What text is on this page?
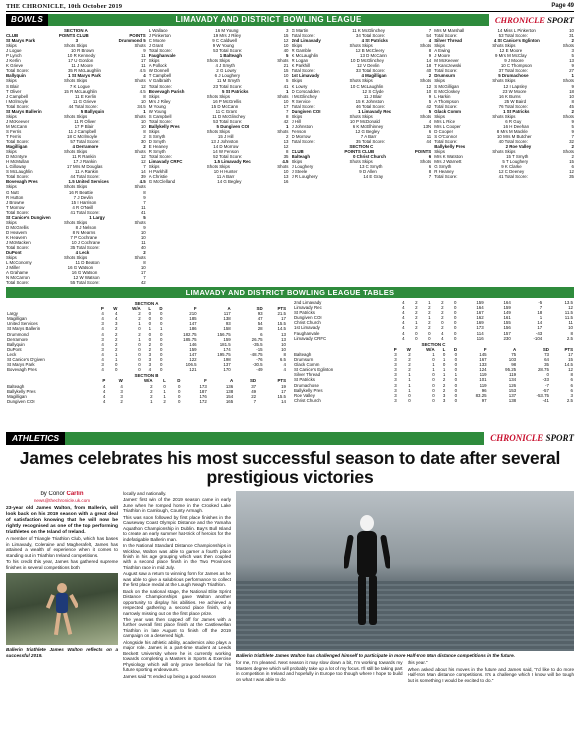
THE CHRONICLE, 10th October 2019	Page 49
BOWLS	LIMAVADY AND DISTRICT BOWLING LEAGUE	CHRONICLE SPORT
SECTION A
CLUB	POINTS CLUB	POINTS
St Marys Park	3	Drummond 5
Skips	Shots Skips	Shots
J Logue	10 R Brown	9
P Lynch	10 R Kennedy	11
J Kerlin	17 U Gordon	17
K Grieve	11 J Moore	11
Total Score:	35 R McLaughlin	4.5
Ballyquin	1 St Marys Park	4
Skips	Shots Skips	Shots
S Blair	7 K Logue	12
T Oliver	15 R McLaughlin	4.5
J Campbell	11 E Kerlin	8
I McIlmoyle	11 G Grieve	10
Total Score:	44 Total Score:	34.5
St Marys Ballerin	5 Ballyquin	1
Skips	Shots Skips	Shots
J McKeever	11 R Oliver	10
M McCann	17 P Blair	10
S Ferris	11 J Campbell	8
T Ferris	18 C McIlmoyle	2
Total Score:	57 Total Score:	30
Magilligan	4 Derramore	2
Skips	Shots Skips	Shots
D McIntyre	11 R Rankin	12
H McMullan	17 J Rankin	12
L Gilloway	17 Mrs M Douglas	7
S McLaughlin	11 A Rankin	14
Total Score:	44 Total Score:	39
Bovevagh Pres	1.5 United Services	4.5
Skips	Shots Skips	Shots
G Nutt	16 R Beattie	8
R Hutton	7 J Devlin	9
J Browne	15 I Harrison	7
T Morrow	4 R O'Neill	11
Total Score:	41 Total Score:	41
St Canice's Dungiven	1 Largy	5
Skips	Shots Skips	Shots
D McGrellis	8 J Nelson	9
D Heavern	8 N Mearns	10
K Heavern	7 P Cochrane	10
J McMacken	10 J Cochrane	11
Total Score:	35 Total Score:	40
DuPont	4 Leck	2
Skips	Shots Skips	Shots
L McConomy	11 D Beaton	8
J Miller	16 G Watson	10
A Grahame	16 G Watson	17
N McCarron	12 W Watson	7
Total Score:	55 Total Score:	42
L Wallace	16 M Young	3
J Pinkerton	19 Mrs J Riley	15
C Moore	9 C Caldwell	12
J Grant	9 W Young	10
Total Score:	53 Total Score:	40
Faughanvale	1 Balteagh	5
Skips	Shots Skips	Shots
A Pollock	4 J Smyth	21
W Donnell	2 G Lowry	15
T Campbell	6 J Loughery	10
V Galbraith	11 M Smyth	5
Total Score:	23 Total Score:	41
Bovevagh Parish	5 St Patricks	1
Skips	Shots Skips	Shots
Mrs J Riley	16 P McGrellis	10
M Young	15 D McCann	17
W Young	11 C Grant	7
S Campbell	11 D McGlinchey	8
Total Score:	53 Total Score:	42
Ballykelly Pres	5 Dungiven COI	1
Skips	Shots Skips	Shots
S Smyth	15 J Hill	2
D Smyth	13 J Johnston	13
E Heaney	14 D Morrow	12
R Smyth	14 W Fenson	8
Total Score:	52 Total Score:	35
Limavady CRFC	1.5 Limavady Rec	4.5
Skips	Shots Skips	Shots
H Parkhill	10 H Hunter	10
A Christie	11 A Barr	13
G McClelland	14 G Begley	16
G Martin	11 K McGlinchey	7
Total Score:	34 Total Score:	54
2nd Limavady	4 St Patricks	4
Skips	Shots Skips	Shots
R Gamble	12 B McCleery	8
K McLaughlin	13 D McCann	9
R Logan	10 D McGlinchey	14
K Parkhill	12 V Devlin	18
Total Score:	33 Total Score:	40
1st Limavady	4 Magilligan	2
Skips	Shots Skips	Shots
K Lowry	10 C McLaughlin	12
D Corscadden	12 S Clyde	10
I McGlinchey	11 J Blair	9
R Service	15 K Johnston	5
Total Score:	46 Total Score:	42
Dungiven COI	1 Limavady Rec	5
Skips	Shots Skips	Shots
J Hill	10 P McDonald	4
J Johnston	6 K McElhinney	13N
Fenson	12 G Begley	6
D Morrow	7 A Barr	11
Total Score:	35 Total Score:	44
SECTION C
CLUB	POINTS CLUB	POINTS
Balteagh	0 Christ Church	6
Skips	Shots Skips	Shots
J Loughery	13 C Smyth	6
J Steele	9 D Allen	8
J R Loughery	14 E Gray	7
Mrs M Marshall	14 Miss L Pinkerton	10
Total Score:	53 Total Score:	31
Silver Thread	4 St Canice's Eglinton	2
Skips	Shots Skips	Shots
A Ewing	12 E Moore	3
J Moore	9 Mrs M McClay	5
M McKeever	9 J Moore	13
T Kanczewski	10 C Thompson	9
Total Score:	37 Total Score:	27
Drumsurn	5 Drumachose	1
Skips	Shots Skips	Shots
S McGilligan	12 I Lapsley	9
E McCloskey	23 W Moore	18
L Harkin	16 K Burns	10
A Thompson	25 W Baird	8
Total Score:	76 Total Score:	45
Glack Comm	1 St Patricks	2
Skips	Shots Skips	Shots
Mrs L Rice	6 R Guy	9
Mrs L Cooper	16 H Deehan	5
D Cooper	8 Mrs M Mackle	9
S O'Connor	10 Mrs M Butcher	7
Total Score:	40 Total Score:	32
Ballykelly Pres	2 Roe Valley	2
Skips	Shots Skips	Shots
Mrs K Watston	15 T Smyth	2
Mrs J Warnett	5 T Loughery	15
G Smyth	9 K Clarke	6
R Heaney	12 C Deeney	12
Total Score:	41 Total Score:	35
LIMAVADY AND DISTRICT BOWLING LEAGUE TABLES
SECTION A
	P	W	W/A	L	D	F	A	SD	PTS
Largy	4	4	2	0	0	210	117	93	21.5
Magilligan	4	4	2	0	0	185	138	47	17
United Services	3	3	1	0	0	147	93	54	15.5
St Marys Ballerin	4	2	0	1	1	186	158	28	14.5
Drummond	4	2	2	0	0	182.75	156.75	6	13
Derramore	3	2	1	0	0	185.75	159	26.75	13
Ballyquin	4	2	0	2	0	146	181.5	-35.5	10
DuPont	3	2	0	2	0	159	174	-15	10
Leck	4	1	0	3	0	147	195.75	-48.75	8
St Canice's D'given	4	1	0	3	0	122	198	-76	6.5
St Marys Park	3	0	0	3	0	106.5	137	-30.5	4
Bovevagh Pres	4	0	0	4	0	121	170	-49	4
SECTION B
	P	W	W/A	L	D	F	A	SD	PTS
Balteagh	4	4	2	0	0	173	136	37	19
Ballykelly Pres	4	3	2	1	0	187	138	49	17
Magilligan	4	3	2	1	0	176	154	22	15.5
Dungiven COI	4	2	1	2	0	172	165	7	14
2nd Limavady	4	2	1	2	0	159	164	-5	13.5
Limavady Rec	4	2	2	2	0	164	159	7	12
St Patricks	4	2	2	2	0	167	149	18	11.5
Dungiven COI	4	2	1	2	0	162	161	1	11.5
Christ Church	4	1	2	0	0	169	155	14	11
1st Limavady	4	2	2	2	0	173	156	17	10
Faughanvale	4	0	0	4	0	114	157	-43	8
Limavady CRFC	4	0	0	4	0	116	230	-104	2.5
SECTION C
	P	W	W/A	L	D	F	A	SD	PTS
Balteagh	3	2	1	0	0	145	75	73	17
Drumsurn	3	2	0	1	0	167	103	64	15
Glack Comm	3	2	1	0	0	133	98	35	14.5
St Canice's Eglinton	3	2	1	1	0	124	95.25	28.75	12
Silver Thread	3	1	0	1	1	119	119	0	8
St Patricks	3	1	0	2	0	101	134	-33	6
Drumachose	3	1	0	2	0	119	126	-7	6
Ballykelly Pres	3	1	0	2	0	96	153	-57	6
Roe Valley	3	0	0	3	0	83.25	137	-53.75	3
Christ Church	3	0	0	3	0	97	138	-41	2.5
ATHLETICS	CHRONICLE SPORT
James celebrates his most successful season to date after several prestigious victories
by Conor Carlin
news@thechronicle.uk.com

23-year old James Walton, from Ballerin, will look back on his 2019 season with a great deal of satisfaction knowing that he will now be rightly recognised as one of the top performing triathletes on the Island of Ireland.

A member of Triangle Triathlon Club, which has bases in Limavady, Coleraine and Magherafelt, James has attained a wealth of experience when it comes to standing out in Triathlon Ireland competitions.

To his credit this year, James has gathered supreme finishes in several competitions both

Ballerin triathlete James Walton reflects on a successful 2019.

locally and nationally.

James' first win of the 2019 season came in early June when he romped home in the Crooked Lake Triathlon in Camlough, County Armagh.

This was soon followed by first place finishes in the Causeway Coast Olympic Distance and the Yamaha Aquathon Championship in Dublin. Bay's Bull Island to create an early summer hat-trick of heroics for the indefatigable Ballerin man.

In the National Standard Distance Championships in Wicklow, Walton was able to garner a fourth place finish in his age grouping which was then coupled with a second place finish in the Two Provinces Triathlon race in mid July.

August saw a return to winning form for James as he was able to give a salubrious performance to collect the first place medal at the Lough Neagh Triathlon.

Back on the national stage, the National Elite Sprint Distance Championships gave Walton another opportunity to display his abilities. He achieved a respected gathering a second place finish, only narrowly missing out on the first place prize.

The year was then capped off for James with a further overall first place finish at the Castlewellan Triathlon in late August to finish off the 2019 campaign on a deserved high.

Alongside his athletic ability, academics also plays a major role. James is a part-time student at Leeds Beckett University where he is currently working towards completing a Masters in Sports & Exercise Physiology which will only prove beneficial for his future sporting endeavours.

James said "It ended up being a good season

Ballerin triathlete James Walton has challenged himself to participate in more Half-Iron Man distance competitions in the future.

for me, I'm pleased. Next season it may slow down a bit, I'm working towards my Masters degree which will probably take up a lot of my focus. I'll still be taking part in competition in Ireland and hopefully in Europe too though where I hope to build on what I was able to do

this year."

When asked about his moves in the future and James said, "I'd like to do more Half-Iron Man distance competitions. It's a challenge which I know will be tough but is something I would be excited to do."
